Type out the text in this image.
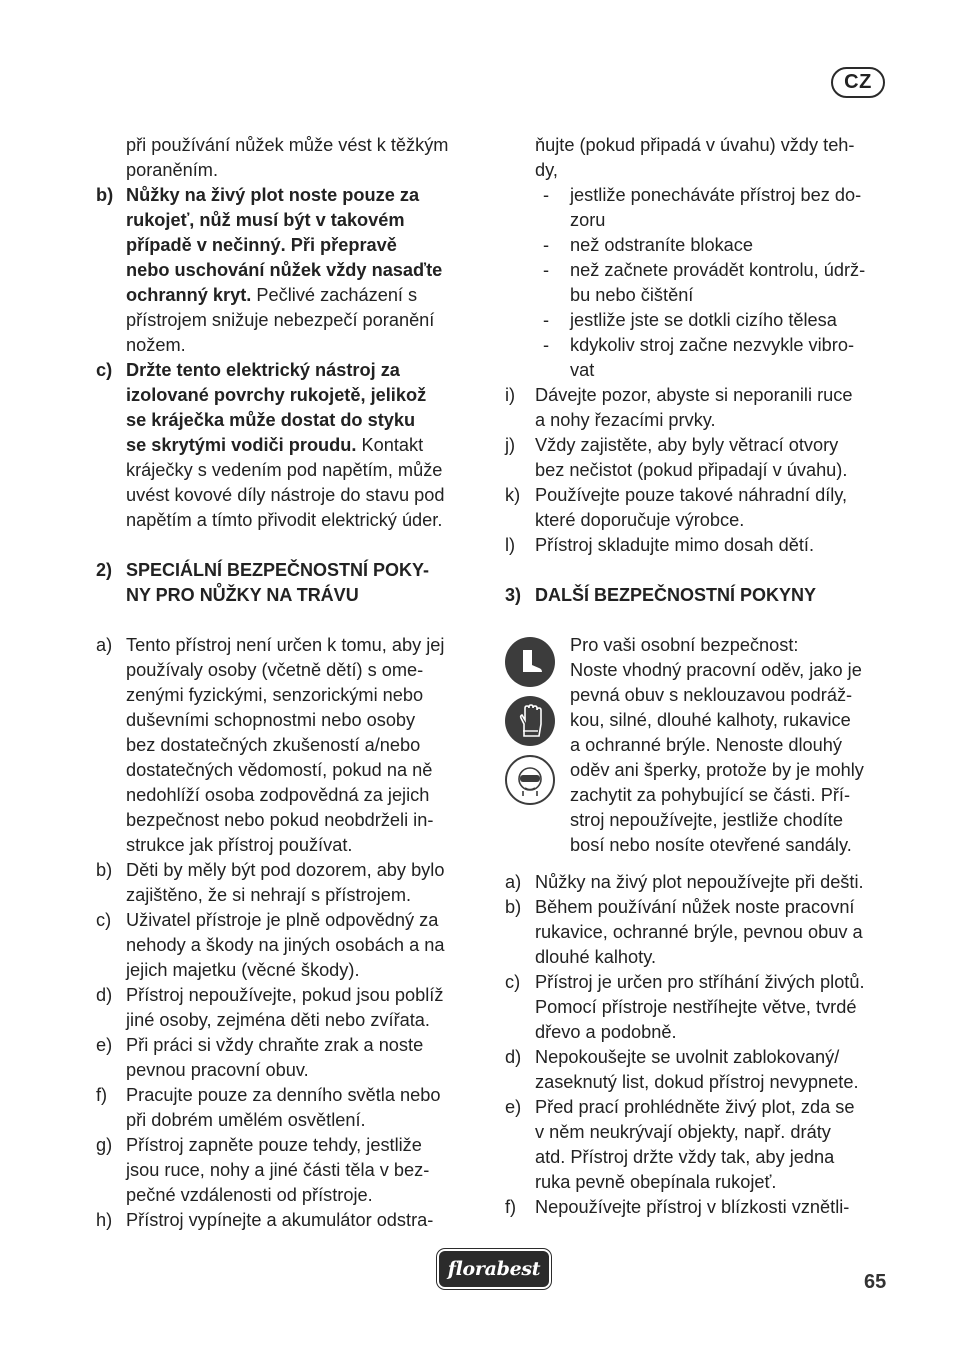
CZ
při používání nůžek může vést k těžkým
poraněním.
b) Nůžky na živý plot noste pouze za
rukojeť, nůž musí být v takovém
případě v nečinný. Při přepravě
nebo uschování nůžek vždy nasaďte
ochranný kryt. Pečlivé zacházení s
přístrojem snižuje nebezpečí poranění
nožem.
c) Držte tento elektrický nástroj za
izolované povrchy rukojetě, jelikož
se kráječka může dostat do styku
se skrytými vodiči proudu. Kontakt
kráječky s vedením pod napětím, může
uvést kovové díly nástroje do stavu pod
napětím a tímto přivodit elektrický úder.
2) SPECIÁLNÍ BEZPEČNOSTNÍ POKY-
NY PRO NŮŽKY NA TRÁVU
a) Tento přístroj není určen k tomu, aby jej
používaly osoby (včetně dětí) s ome-
zenými fyzickými, senzorickými nebo
duševními schopnostmi nebo osoby
bez dostatečných zkušeností a/nebo
dostatečných vědomostí, pokud na ně
nedohlíží osoba zodpovědná za jejich
bezpečnost nebo pokud neobdrželi in-
strukce jak přístroj používat.
b) Děti by měly být pod dozorem, aby bylo
zajištěno, že si nehrají s přístrojem.
c) Uživatel přístroje je plně odpovědný za
nehody a škody na jiných osobách a na
jejich majetku (věcné škody).
d) Přístroj nepoužívejte, pokud jsou poblíž
jiné osoby, zejména děti nebo zvířata.
e) Při práci si vždy chraňte zrak a noste
pevnou pracovní obuv.
f) Pracujte pouze za denního světla nebo
při dobrém umělém osvětlení.
g) Přístroj zapněte pouze tehdy, jestliže
jsou ruce, nohy a jiné části těla v bez-
pečné vzdálenosti od přístroje.
h) Přístroj vypínejte a akumulátor odstra-
ňujte (pokud připadá v úvahu) vždy teh-
dy,
- jestliže ponecháváte přístroj bez do-
zoru
- než odstraníte blokace
- než začnete provádět kontrolu, údrž-
bu nebo čištění
- jestliže jste se dotkli cizího tělesa
- kdykoliv stroj začne nezvykle vibro-
vat
i) Dávejte pozor, abyste si neporanili ruce
a nohy řezacími prvky.
j) Vždy zajistěte, aby byly větrací otvory
bez nečistot (pokud připadají v úvahu).
k) Používejte pouze takové náhradní díly,
které doporučuje výrobce.
l) Přístroj skladujte mimo dosah dětí.
3) DALŠÍ BEZPEČNOSTNÍ POKYNY
Pro vaši osobní bezpečnost:
Noste vhodný pracovní oděv, jako je
pevná obuv s neklouzavou podráž-
kou, silné, dlouhé kalhoty, rukavice
a ochranné brýle. Nenoste dlouhý
oděv ani šperky, protože by je mohly
zachytit za pohybující se části. Pří-
stroj nepoužívejte, jestliže chodíte
bosí nebo nosíte otevřené sandály.
a) Nůžky na živý plot nepoužívejte při dešti.
b) Během používání nůžek noste pracovní
rukavice, ochranné brýle, pevnou obuv a
dlouhé kalhoty.
c) Přístroj je určen pro stříhání živých plotů.
Pomocí přístroje nestříhejte větve, tvrdé
dřevo a podobně.
d) Nepokoušejte se uvolnit zablokovaný/
zaseknutý list, dokud přístroj nevypnete.
e) Před prací prohlédněte živý plot, zda se
v něm neukrývají objekty, např. dráty
atd. Přístroj držte vždy tak, aby jedna
ruka pevně obepínala rukojeť.
f) Nepoužívejte přístroj v blízkosti vznětli-
florabest
65
